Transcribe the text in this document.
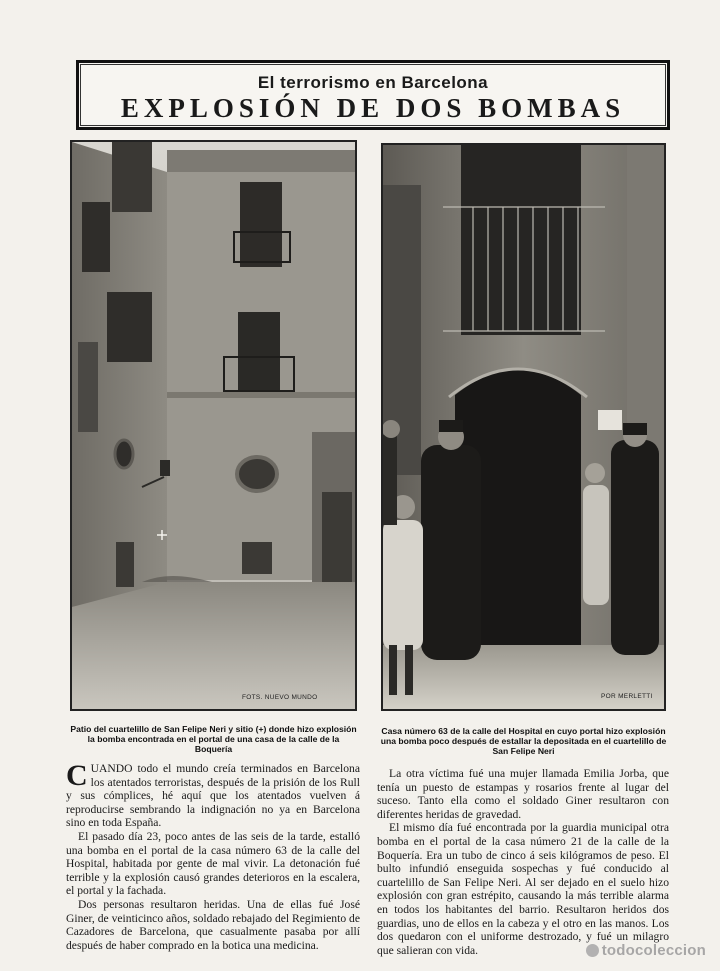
El terrorismo en Barcelona
EXPLOSIÓN DE DOS BOMBAS
FOTS. NUEVO MUNDO	POR MERLETTI
Patio del cuartelillo de San Felipe Neri y sitio (+) donde hizo explosión la bomba encontrada en el portal de una casa de la calle de la Boquería
Casa número 63 de la calle del Hospital en cuyo portal hizo explosión una bomba poco después de estallar la depositada en el cuartelillo de San Felipe Neri

CUANDO todo el mundo creía terminados en Barcelona los atentados terroristas, después de la prisión de los Rull y sus cómplices, hé aquí que los atentados vuelven á reproducirse sembrando la indignación no ya en Barcelona sino en toda España.

El pasado día 23, poco antes de las seis de la tarde, estalló una bomba en el portal de la casa número 63 de la calle del Hospital, habitada por gente de mal vivir. La detonación fué terrible y la explosión causó grandes deterioros en la escalera, el portal y la fachada.

Dos personas resultaron heridas. Una de ellas fué José Giner, de veinticinco años, soldado rebajado del Regimiento de Cazadores de Barcelona, que casualmente pasaba por allí después de haber comprado en la botica una medicina.

La otra víctima fué una mujer llamada Emilia Jorba, que tenía un puesto de estampas y rosarios frente al lugar del suceso. Tanto ella como el soldado Giner resultaron con diferentes heridas de gravedad.

El mismo día fué encontrada por la guardia municipal otra bomba en el portal de la casa número 21 de la calle de la Boquería. Era un tubo de cinco á seis kilógramos de peso. El bulto infundió enseguida sospechas y fué conducido al cuartelillo de San Felipe Neri. Al ser dejado en el suelo hizo explosión con gran estrépito, causando la más terrible alarma en todos los habitantes del barrio. Resultaron heridos dos guardias, uno de ellos en la cabeza y el otro en las manos. Los dos quedaron con el uniforme destrozado, y fué un milagro que salieran con vida.	todocoleccion
